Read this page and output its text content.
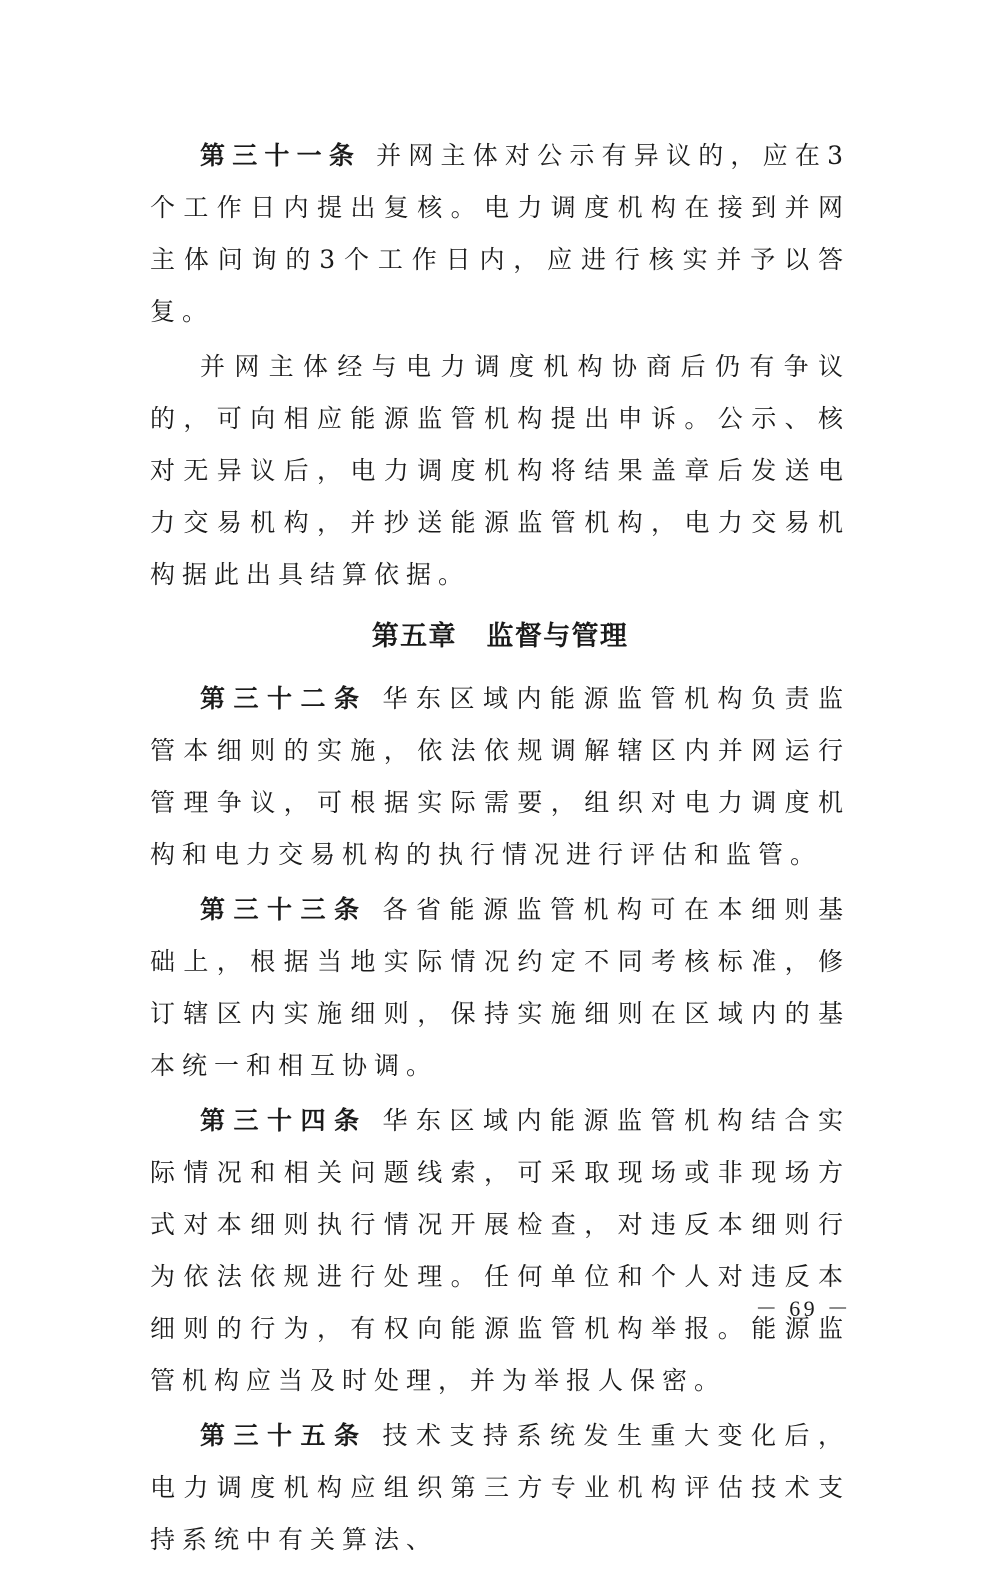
第三十一条 并网主体对公示有异议的，应在3个工作日内提出复核。电力调度机构在接到并网主体问询的3个工作日内，应进行核实并予以答复。

并网主体经与电力调度机构协商后仍有争议的，可向相应能源监管机构提出申诉。公示、核对无异议后，电力调度机构将结果盖章后发送电力交易机构，并抄送能源监管机构，电力交易机构据此出具结算依据。

第五章 监督与管理

第三十二条 华东区域内能源监管机构负责监管本细则的实施，依法依规调解辖区内并网运行管理争议，可根据实际需要，组织对电力调度机构和电力交易机构的执行情况进行评估和监管。

第三十三条 各省能源监管机构可在本细则基础上，根据当地实际情况约定不同考核标准，修订辖区内实施细则，保持实施细则在区域内的基本统一和相互协调。

第三十四条 华东区域内能源监管机构结合实际情况和相关问题线索，可采取现场或非现场方式对本细则执行情况开展检查，对违反本细则行为依法依规进行处理。任何单位和个人对违反本细则的行为，有权向能源监管机构举报。能源监管机构应当及时处理，并为举报人保密。

第三十五条 技术支持系统发生重大变化后，电力调度机构应组织第三方专业机构评估技术支持系统中有关算法、

－ 69 －
